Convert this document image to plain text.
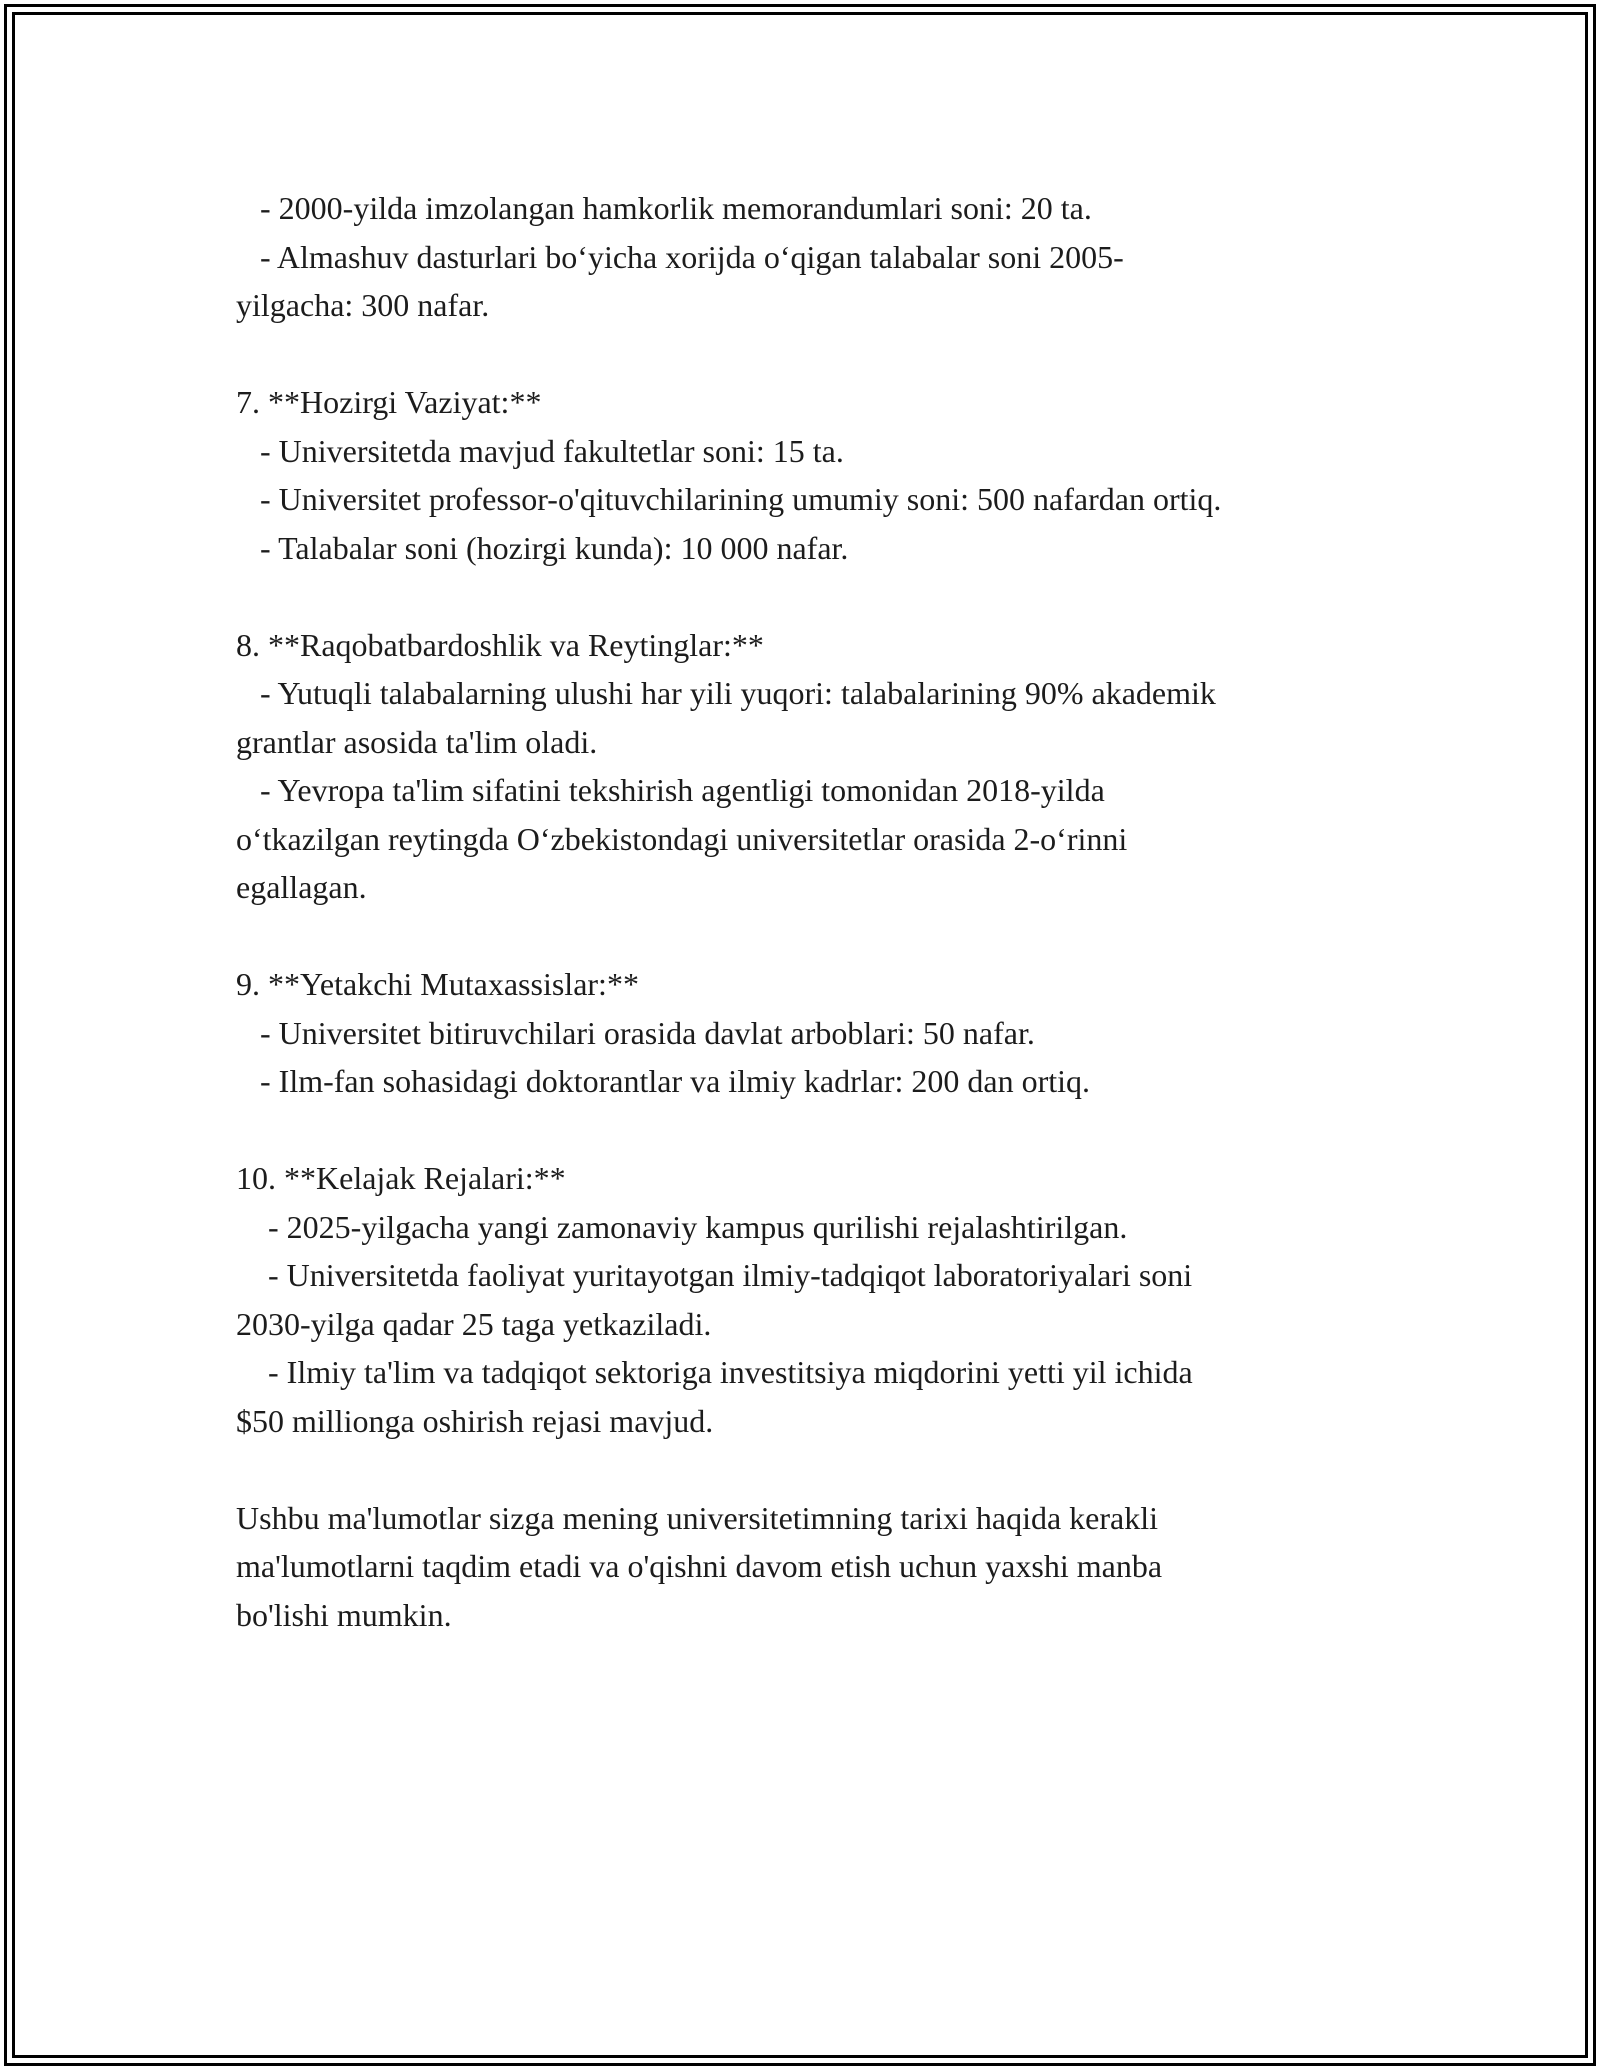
- 2000-yilda imzolangan hamkorlik memorandumlari soni: 20 ta.

- Almashuv dasturlari bo‘yicha xorijda o‘qigan talabalar soni 2005-

yilgacha: 300 nafar.

7. **Hozirgi Vaziyat:**

- Universitetda mavjud fakultetlar soni: 15 ta.

- Universitet professor-o'qituvchilarining umumiy soni: 500 nafardan ortiq.

- Talabalar soni (hozirgi kunda): 10 000 nafar.

8. **Raqobatbardoshlik va Reytinglar:**

- Yutuqli talabalarning ulushi har yili yuqori: talabalarining 90% akademik

grantlar asosida ta'lim oladi.

- Yevropa ta'lim sifatini tekshirish agentligi tomonidan 2018-yilda

o‘tkazilgan reytingda O‘zbekistondagi universitetlar orasida 2-o‘rinni

egallagan.

9. **Yetakchi Mutaxassislar:**

- Universitet bitiruvchilari orasida davlat arboblari: 50 nafar.

- Ilm-fan sohasidagi doktorantlar va ilmiy kadrlar: 200 dan ortiq.

10. **Kelajak Rejalari:**

- 2025-yilgacha yangi zamonaviy kampus qurilishi rejalashtirilgan.

- Universitetda faoliyat yuritayotgan ilmiy-tadqiqot laboratoriyalari soni

2030-yilga qadar 25 taga yetkaziladi.

- Ilmiy ta'lim va tadqiqot sektoriga investitsiya miqdorini yetti yil ichida

$50 millionga oshirish rejasi mavjud.

Ushbu ma'lumotlar sizga mening universitetimning tarixi haqida kerakli

ma'lumotlarni taqdim etadi va o'qishni davom etish uchun yaxshi manba

bo'lishi mumkin.
